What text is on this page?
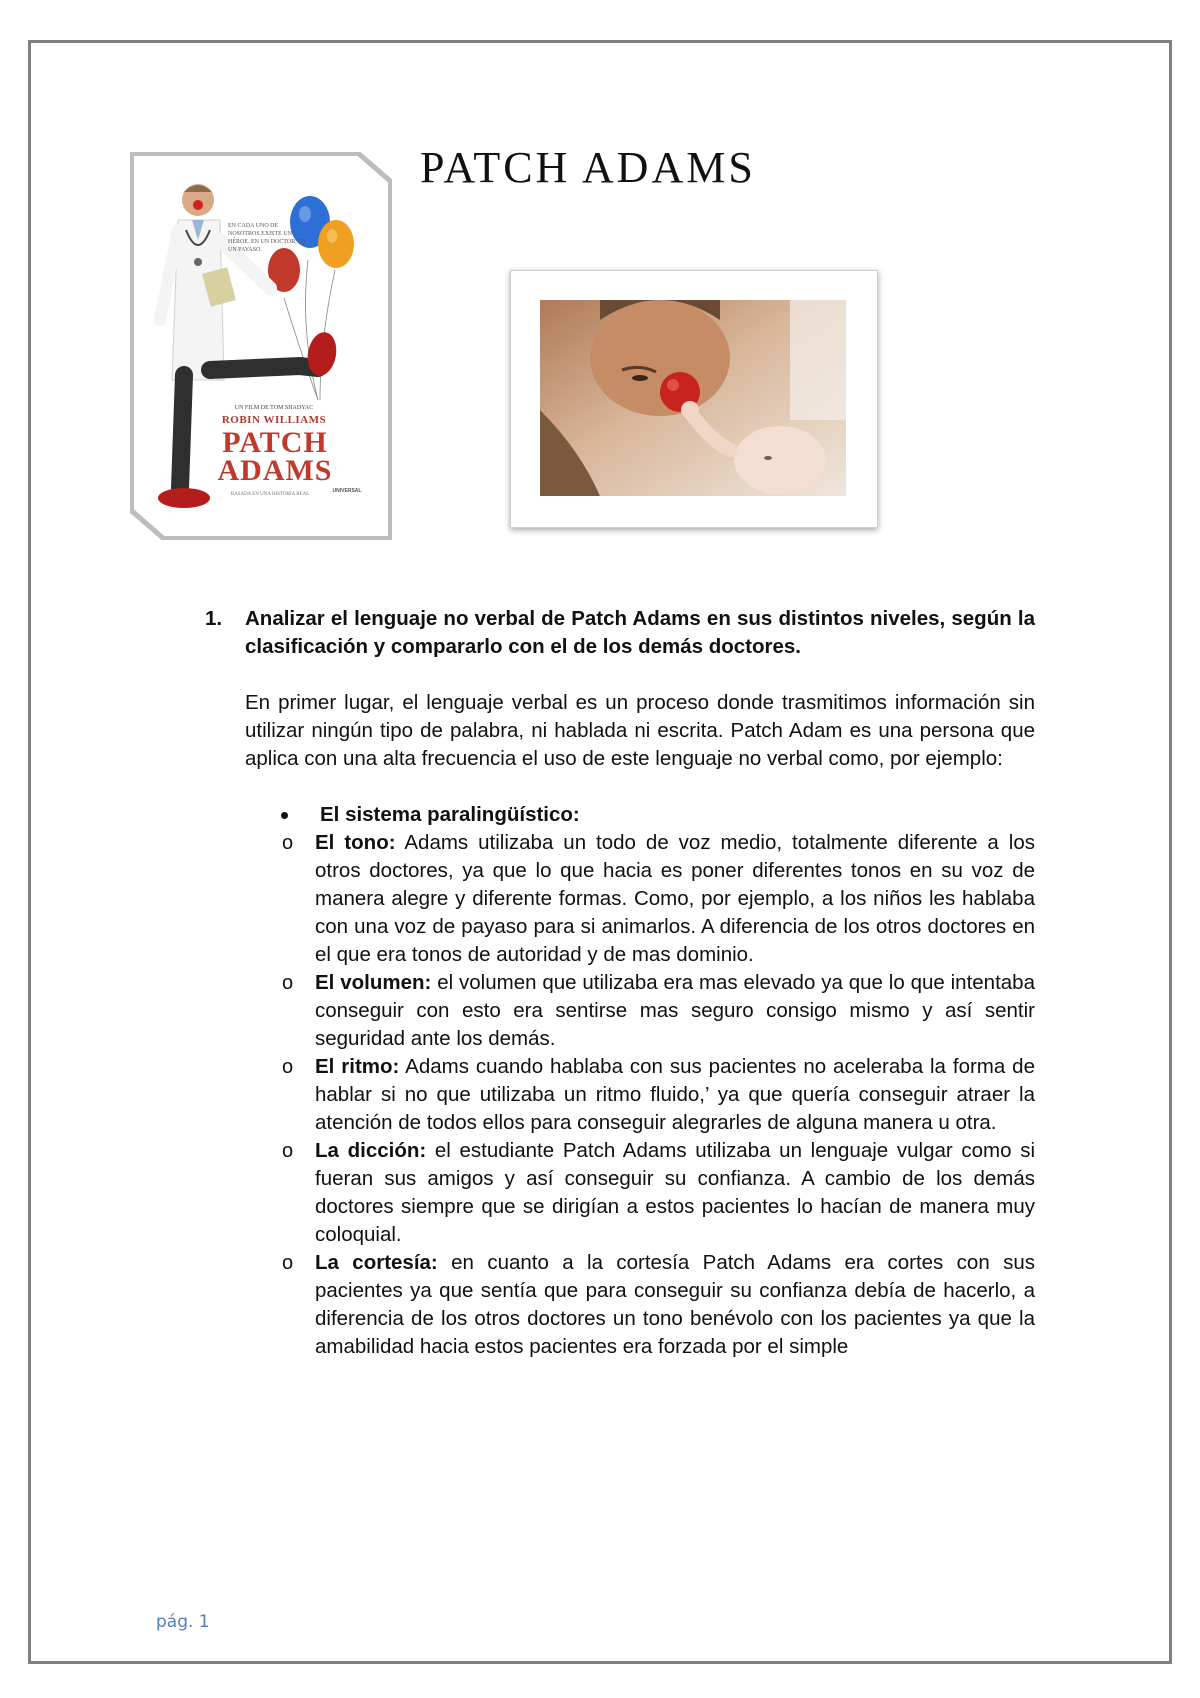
PATCH ADAMS
EN CADA UNO DE NOSOTROS EXISTE UN HÉROE. EN UN DOCTOR, EN UN PAYASO.
UN FILM DE TOM SHADYAC
ROBIN WILLIAMS
PATCH
ADAMS
BASADA EN UNA HISTORIA REAL
UNIVERSAL
1. Analizar el lenguaje no verbal de Patch Adams en sus distintos niveles, según la clasificación y compararlo con el de los demás doctores.
En primer lugar, el lenguaje verbal es un proceso donde trasmitimos información sin utilizar ningún tipo de palabra, ni hablada ni escrita. Patch Adam es una persona que aplica con una alta frecuencia el uso de este lenguaje no verbal como, por ejemplo:
El sistema paralingüístico:
o El tono: Adams utilizaba un todo de voz medio, totalmente diferente a los otros doctores, ya que lo que hacia es poner diferentes tonos en su voz de manera alegre y diferente formas. Como, por ejemplo, a los niños les hablaba con una voz de payaso para si animarlos. A diferencia de los otros doctores en el que era tonos de autoridad y de mas dominio.
o El volumen: el volumen que utilizaba era mas elevado ya que lo que intentaba conseguir con esto era sentirse mas seguro consigo mismo y así sentir seguridad ante los demás.
o El ritmo: Adams cuando hablaba con sus pacientes no aceleraba la forma de hablar si no que utilizaba un ritmo fluido,’ ya que quería conseguir atraer la atención de todos ellos para conseguir alegrarles de alguna manera u otra.
o La dicción: el estudiante Patch Adams utilizaba un lenguaje vulgar como si fueran sus amigos y así conseguir su confianza. A cambio de los demás doctores siempre que se dirigían a estos pacientes lo hacían de manera muy coloquial.
o La cortesía: en cuanto a la cortesía Patch Adams era cortes con sus pacientes ya que sentía que para conseguir su confianza debía de hacerlo, a diferencia de los otros doctores un tono benévolo con los pacientes ya que la amabilidad hacia estos pacientes era forzada por el simple
pág. 1
